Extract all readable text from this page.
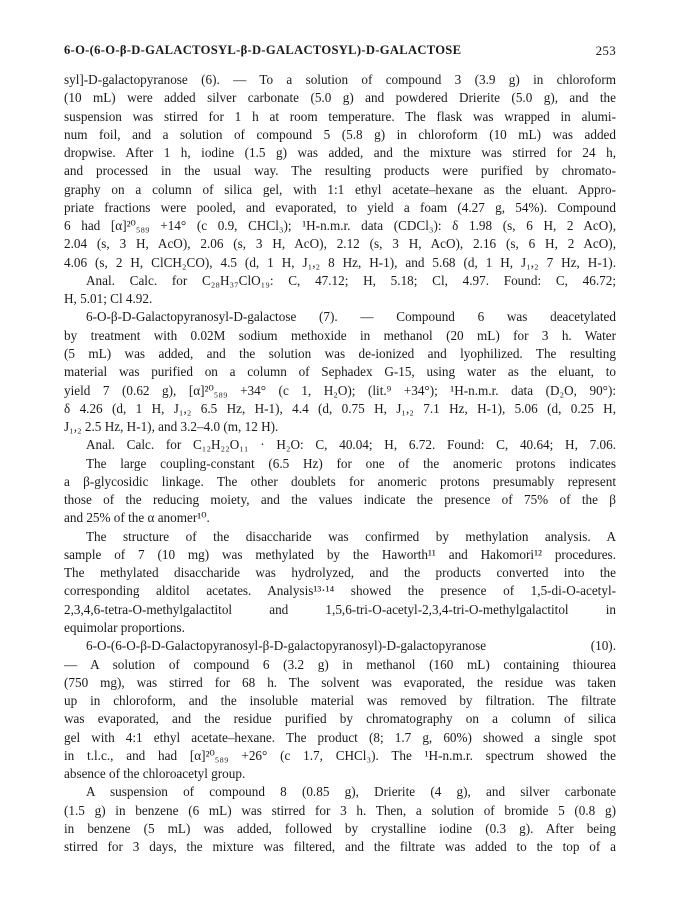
6-O-(6-O-β-D-GALACTOSYL-β-D-GALACTOSYL)-D-GALACTOSE	253
syl]-D-galactopyranose (6). — To a solution of compound 3 (3.9 g) in chloroform
(10 mL) were added silver carbonate (5.0 g) and powdered Drierite (5.0 g), and the
suspension was stirred for 1 h at room temperature. The flask was wrapped in alumi-
num foil, and a solution of compound 5 (5.8 g) in chloroform (10 mL) was added
dropwise. After 1 h, iodine (1.5 g) was added, and the mixture was stirred for 24 h,
and processed in the usual way. The resulting products were purified by chromato-
graphy on a column of silica gel, with 1:1 ethyl acetate–hexane as the eluant. Appro-
priate fractions were pooled, and evaporated, to yield a foam (4.27 g, 54%). Compound
6 had [α]²⁰₅₈₉ +14° (c 0.9, CHCl₃); ¹H-n.m.r. data (CDCl₃): δ 1.98 (s, 6 H, 2 AcO),
2.04 (s, 3 H, AcO), 2.06 (s, 3 H, AcO), 2.12 (s, 3 H, AcO), 2.16 (s, 6 H, 2 AcO),
4.06 (s, 2 H, ClCH₂CO), 4.5 (d, 1 H, J₁,₂ 8 Hz, H-1), and 5.68 (d, 1 H, J₁,₂ 7 Hz, H-1).
Anal. Calc. for C₂₈H₃₇ClO₁₉: C, 47.12; H, 5.18; Cl, 4.97. Found: C, 46.72;
H, 5.01; Cl 4.92.
6-O-β-D-Galactopyranosyl-D-galactose (7). — Compound 6 was deacetylated
by treatment with 0.02M sodium methoxide in methanol (20 mL) for 3 h. Water
(5 mL) was added, and the solution was de-ionized and lyophilized. The resulting
material was purified on a column of Sephadex G-15, using water as the eluant, to
yield 7 (0.62 g), [α]²⁰₅₈₉ +34° (c 1, H₂O); (lit.⁹ +34°); ¹H-n.m.r. data (D₂O, 90°):
δ 4.26 (d, 1 H, J₁,₂ 6.5 Hz, H-1), 4.4 (d, 0.75 H, J₁,₂ 7.1 Hz, H-1), 5.06 (d, 0.25 H,
J₁,₂ 2.5 Hz, H-1), and 3.2–4.0 (m, 12 H).
Anal. Calc. for C₁₂H₂₂O₁₁ · H₂O: C, 40.04; H, 6.72. Found: C, 40.64; H, 7.06.
The large coupling-constant (6.5 Hz) for one of the anomeric protons indicates
a β-glycosidic linkage. The other doublets for anomeric protons presumably represent
those of the reducing moiety, and the values indicate the presence of 75% of the β
and 25% of the α anomer¹⁰.
The structure of the disaccharide was confirmed by methylation analysis. A
sample of 7 (10 mg) was methylated by the Haworth¹¹ and Hakomori¹² procedures.
The methylated disaccharide was hydrolyzed, and the products converted into the
corresponding alditol acetates. Analysis¹³·¹⁴ showed the presence of 1,5-di-O-acetyl-
2,3,4,6-tetra-O-methylgalactitol and 1,5,6-tri-O-acetyl-2,3,4-tri-O-methylgalactitol in
equimolar proportions.
6-O-(6-O-β-D-Galactopyranosyl-β-D-galactopyranosyl)-D-galactopyranose (10).
— A solution of compound 6 (3.2 g) in methanol (160 mL) containing thiourea
(750 mg), was stirred for 68 h. The solvent was evaporated, the residue was taken
up in chloroform, and the insoluble material was removed by filtration. The filtrate
was evaporated, and the residue purified by chromatography on a column of silica
gel with 4:1 ethyl acetate–hexane. The product (8; 1.7 g, 60%) showed a single spot
in t.l.c., and had [α]²⁰₅₈₉ +26° (c 1.7, CHCl₃). The ¹H-n.m.r. spectrum showed the
absence of the chloroacetyl group.
A suspension of compound 8 (0.85 g), Drierite (4 g), and silver carbonate
(1.5 g) in benzene (6 mL) was stirred for 3 h. Then, a solution of bromide 5 (0.8 g)
in benzene (5 mL) was added, followed by crystalline iodine (0.3 g). After being
stirred for 3 days, the mixture was filtered, and the filtrate was added to the top of a
